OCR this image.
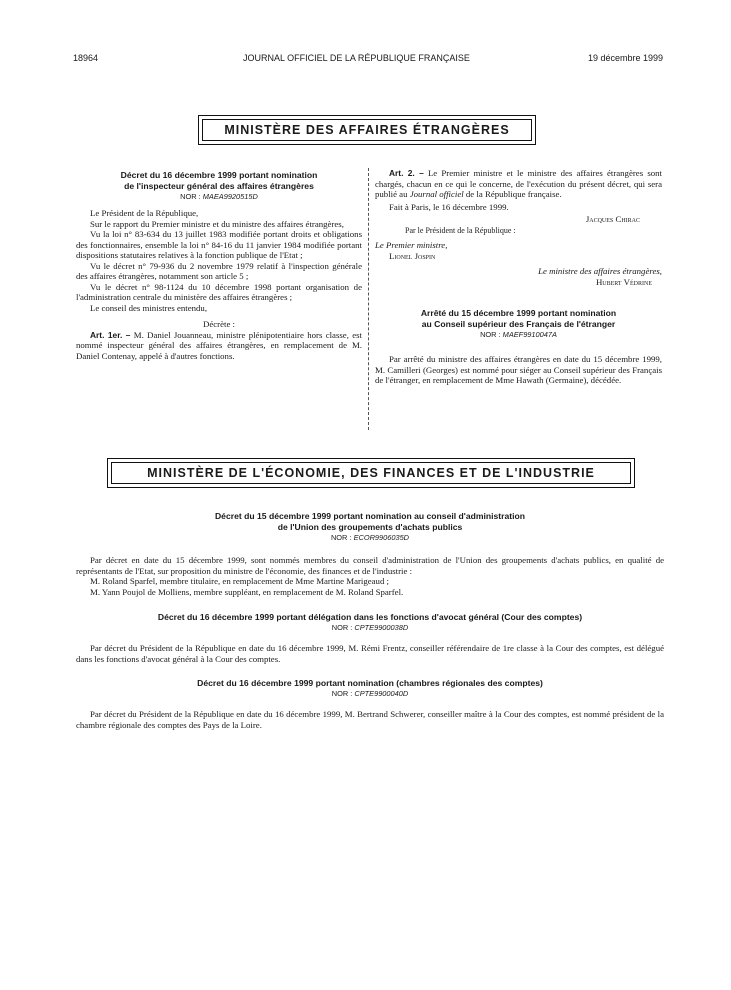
18964	JOURNAL OFFICIEL DE LA RÉPUBLIQUE FRANÇAISE	19 décembre 1999
MINISTÈRE DES AFFAIRES ÉTRANGÈRES
Décret du 16 décembre 1999 portant nomination
de l'inspecteur général des affaires étrangères
NOR : MAEA9920515D

Le Président de la République,

Sur le rapport du Premier ministre et du ministre des affaires étrangères,

Vu la loi n° 83-634 du 13 juillet 1983 modifiée portant droits et obligations des fonctionnaires, ensemble la loi n° 84-16 du 11 janvier 1984 modifiée portant dispositions statutaires relatives à la fonction publique de l'Etat ;

Vu le décret n° 79-936 du 2 novembre 1979 relatif à l'inspection générale des affaires étrangères, notamment son article 5 ;

Vu le décret n° 98-1124 du 10 décembre 1998 portant organisation de l'administration centrale du ministère des affaires étrangères ;

Le conseil des ministres entendu,

Décrète :

Art. 1er. – M. Daniel Jouanneau, ministre plénipotentiaire hors classe, est nommé inspecteur général des affaires étrangères, en remplacement de M. Daniel Contenay, appelé à d'autres fonctions.

Art. 2. – Le Premier ministre et le ministre des affaires étrangères sont chargés, chacun en ce qui le concerne, de l'exécution du présent décret, qui sera publié au Journal officiel de la République française.

Fait à Paris, le 16 décembre 1999.

Jacques Chirac
Par le Président de la République :
Le Premier ministre,
Lionel Jospin
Le ministre des affaires étrangères,
Hubert Védrine
Arrêté du 15 décembre 1999 portant nomination
au Conseil supérieur des Français de l'étranger
NOR : MAEF9910047A

Par arrêté du ministre des affaires étrangères en date du 15 décembre 1999, M. Camilleri (Georges) est nommé pour siéger au Conseil supérieur des Français de l'étranger, en remplacement de Mme Hawath (Germaine), décédée.

MINISTÈRE DE L'ÉCONOMIE, DES FINANCES ET DE L'INDUSTRIE
Décret du 15 décembre 1999 portant nomination au conseil d'administration
de l'Union des groupements d'achats publics
NOR : ECOR9906035D

Par décret en date du 15 décembre 1999, sont nommés membres du conseil d'administration de l'Union des groupements d'achats publics, en qualité de représentants de l'Etat, sur proposition du ministre de l'économie, des finances et de l'industrie :

M. Roland Sparfel, membre titulaire, en remplacement de Mme Martine Marigeaud ;

M. Yann Poujol de Molliens, membre suppléant, en remplacement de M. Roland Sparfel.

Décret du 16 décembre 1999 portant délégation dans les fonctions d'avocat général (Cour des comptes)
NOR : CPTE9900038D

Par décret du Président de la République en date du 16 décembre 1999, M. Rémi Frentz, conseiller référendaire de 1re classe à la Cour des comptes, est délégué dans les fonctions d'avocat général à la Cour des comptes.

Décret du 16 décembre 1999 portant nomination (chambres régionales des comptes)
NOR : CPTE9900040D

Par décret du Président de la République en date du 16 décembre 1999, M. Bertrand Schwerer, conseiller maître à la Cour des comptes, est nommé président de la chambre régionale des comptes des Pays de la Loire.
